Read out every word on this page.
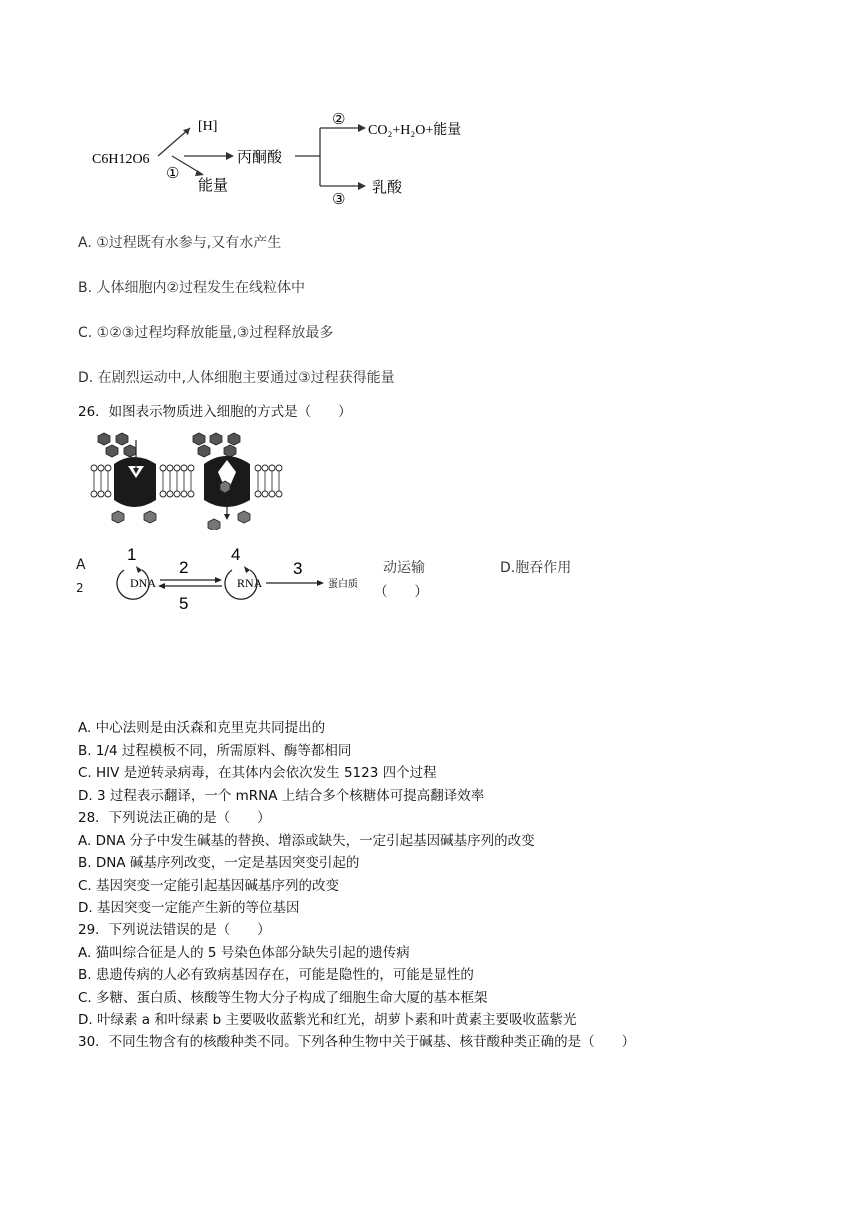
C6H12O6
[H]
①
能量
丙酮酸
②
③
CO₂+H₂O+能量
乳酸
A. ①过程既有水参与,又有水产生
B. 人体细胞内②过程发生在线粒体中
C. ①②③过程均释放能量,③过程释放最多
D. 在剧烈运动中,人体细胞主要通过③过程获得能量
26．如图表示物质进入细胞的方式是（　　）
动运输	D.胞吞作用
A
2
1
2
4
3
5
DNA	RNA	蛋白质 （　　）
A. 中心法则是由沃森和克里克共同提出的
B. 1/4 过程模板不同，所需原料、酶等都相同
C. HIV 是逆转录病毒，在其体内会依次发生 5123 四个过程
D. 3 过程表示翻译，一个 mRNA 上结合多个核糖体可提高翻译效率
28．下列说法正确的是（　　）
A. DNA 分子中发生碱基的替换、增添或缺失，一定引起基因碱基序列的改变
B. DNA 碱基序列改变，一定是基因突变引起的
C. 基因突变一定能引起基因碱基序列的改变
D. 基因突变一定能产生新的等位基因
29．下列说法错误的是（　　）
A. 猫叫综合征是人的 5 号染色体部分缺失引起的遗传病
B. 患遗传病的人必有致病基因存在，可能是隐性的，可能是显性的
C. 多糖、蛋白质、核酸等生物大分子构成了细胞生命大厦的基本框架
D. 叶绿素 a 和叶绿素 b 主要吸收蓝紫光和红光，胡萝卜素和叶黄素主要吸收蓝紫光
30．不同生物含有的核酸种类不同。下列各种生物中关于碱基、核苷酸种类正确的是（　　）
